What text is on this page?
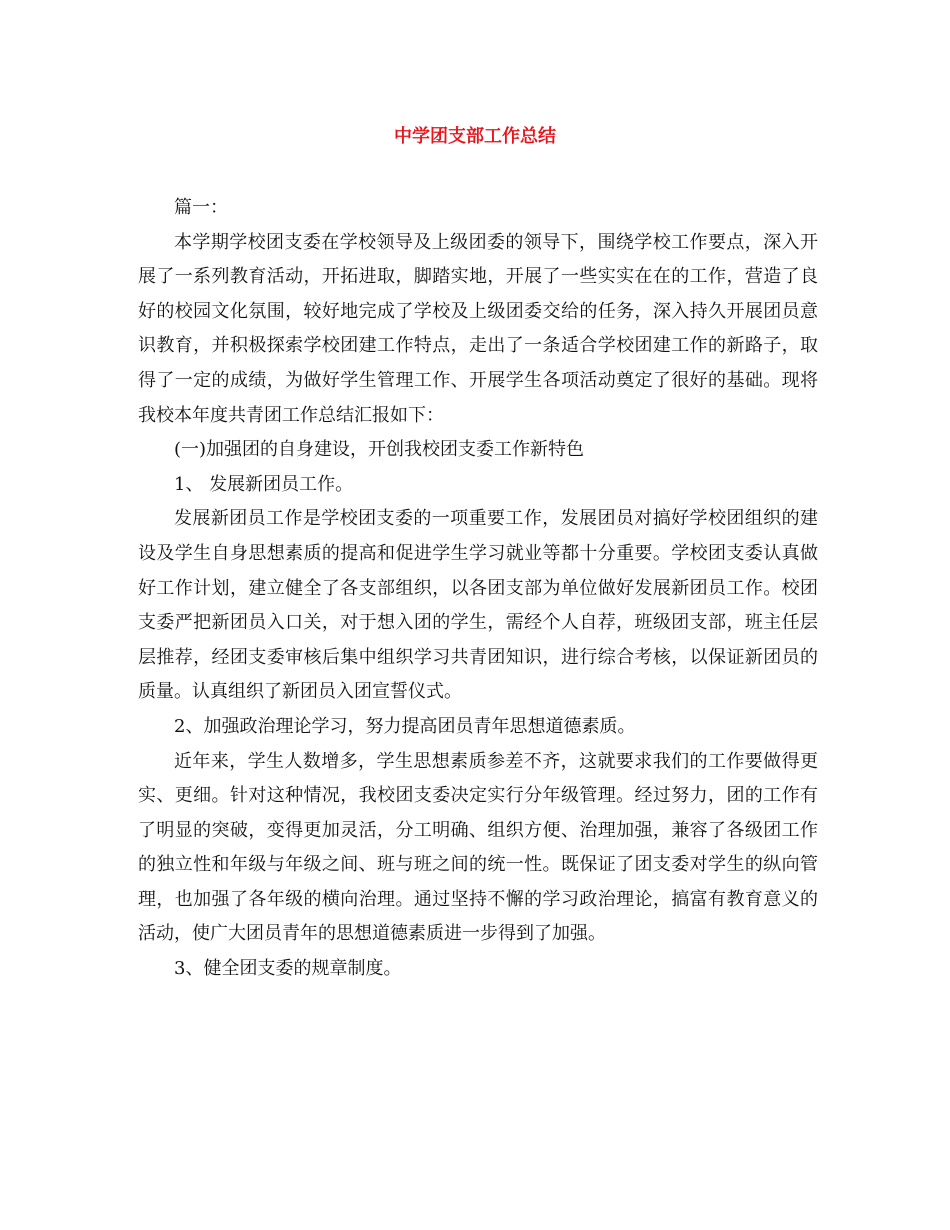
中学团支部工作总结

篇一：

本学期学校团支委在学校领导及上级团委的领导下，围绕学校工作要点，深入开展了一系列教育活动，开拓进取，脚踏实地，开展了一些实实在在的工作，营造了良好的校园文化氛围，较好地完成了学校及上级团委交给的任务，深入持久开展团员意识教育，并积极探索学校团建工作特点，走出了一条适合学校团建工作的新路子，取得了一定的成绩，为做好学生管理工作、开展学生各项活动奠定了很好的基础。现将我校本年度共青团工作总结汇报如下：

(一)加强团的自身建设，开创我校团支委工作新特色

1、 发展新团员工作。

发展新团员工作是学校团支委的一项重要工作，发展团员对搞好学校团组织的建设及学生自身思想素质的提高和促进学生学习就业等都十分重要。学校团支委认真做好工作计划，建立健全了各支部组织，以各团支部为单位做好发展新团员工作。校团支委严把新团员入口关，对于想入团的学生，需经个人自荐，班级团支部，班主任层层推荐，经团支委审核后集中组织学习共青团知识，进行综合考核，以保证新团员的质量。认真组织了新团员入团宣誓仪式。

2、加强政治理论学习，努力提高团员青年思想道德素质。

近年来，学生人数增多，学生思想素质参差不齐，这就要求我们的工作要做得更实、更细。针对这种情况，我校团支委决定实行分年级管理。经过努力，团的工作有了明显的突破，变得更加灵活，分工明确、组织方便、治理加强，兼容了各级团工作的独立性和年级与年级之间、班与班之间的统一性。既保证了团支委对学生的纵向管理，也加强了各年级的横向治理。通过坚持不懈的学习政治理论，搞富有教育意义的活动，使广大团员青年的思想道德素质进一步得到了加强。

3、健全团支委的规章制度。
